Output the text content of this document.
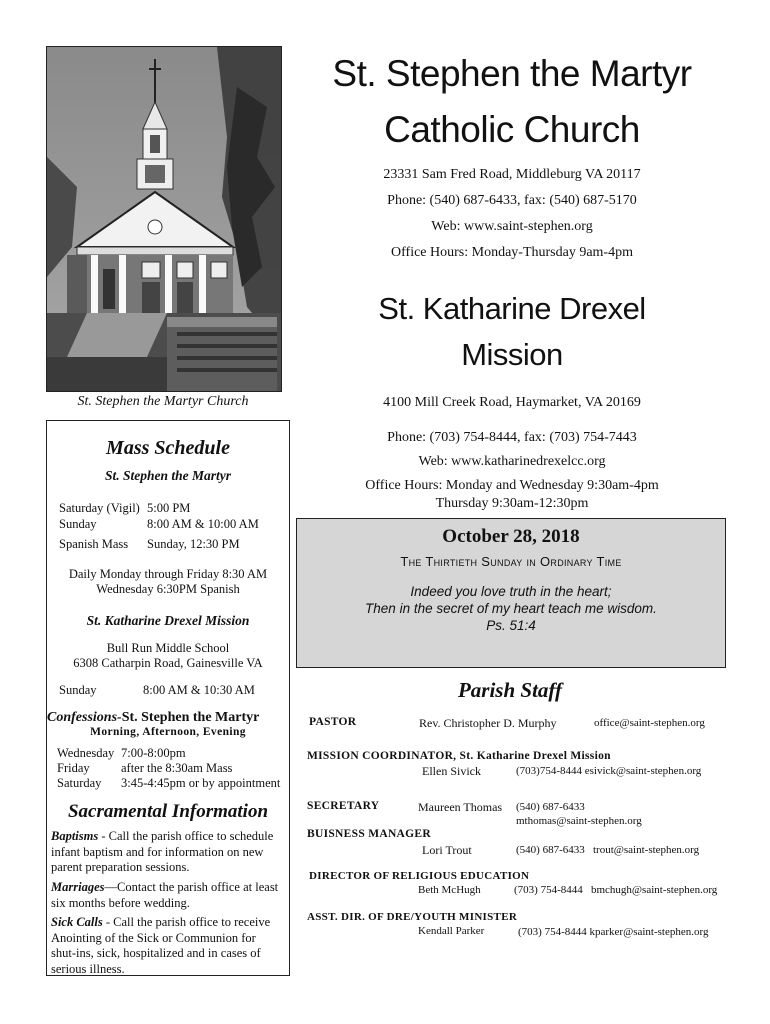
St. Stephen the Martyr Church
St. Stephen the Martyr
Catholic Church
23331 Sam Fred Road, Middleburg VA 20117
Phone: (540) 687-6433, fax: (540) 687-5170
Web: www.saint-stephen.org
Office Hours: Monday-Thursday 9am-4pm
St. Katharine Drexel
Mission
4100 Mill Creek Road, Haymarket, VA 20169
Phone: (703) 754-8444, fax: (703) 754-7443
Web: www.katharinedrexelcc.org
Office Hours: Monday and Wednesday 9:30am-4pm
Thursday 9:30am-12:30pm
October 28, 2018
The Thirtieth Sunday in Ordinary Time
Indeed you love truth in the heart;
Then in the secret of my heart teach me wisdom.
Ps. 51:4
Mass Schedule
St. Stephen the Martyr
Saturday (Vigil) 5:00 PM
Sunday	8:00 AM & 10:00 AM
Spanish Mass Sunday, 12:30 PM
Daily Monday through Friday 8:30 AM
Wednesday 6:30PM Spanish
St. Katharine Drexel Mission
Bull Run Middle School
6308 Catharpin Road, Gainesville VA
Sunday	8:00 AM & 10:30 AM
Confessions-St. Stephen the Martyr
Morning, Afternoon, Evening
Wednesday 7:00-8:00pm
Friday	after the 8:30am Mass
Saturday 3:45-4:45pm or by appointment
Sacramental Information
Baptisms - Call the parish office to schedule infant baptism and for information on new parent preparation sessions.
Marriages—Contact the parish office at least six months before wedding.
Sick Calls - Call the parish office to receive Anointing of the Sick or Communion for shut-ins, sick, hospitalized and in cases of serious illness.
Parish Staff
PASTOR	Rev. Christopher D. Murphy	office@saint-stephen.org
MISSION COORDINATOR, St. Katharine Drexel Mission
Ellen Sivick	(703)754-8444 esivick@saint-stephen.org
SECRETARY	Maureen Thomas (540) 687-6433
mthomas@saint-stephen.org
BUISNESS MANAGER
Lori Trout	(540) 687-6433   trout@saint-stephen.org
DIRECTOR OF RELIGIOUS EDUCATION
Beth McHugh	(703) 754-8444   bmchugh@saint-stephen.org
ASST. DIR. OF DRE/YOUTH MINISTER
Kendall Parker	(703) 754-8444 kparker@saint-stephen.org
